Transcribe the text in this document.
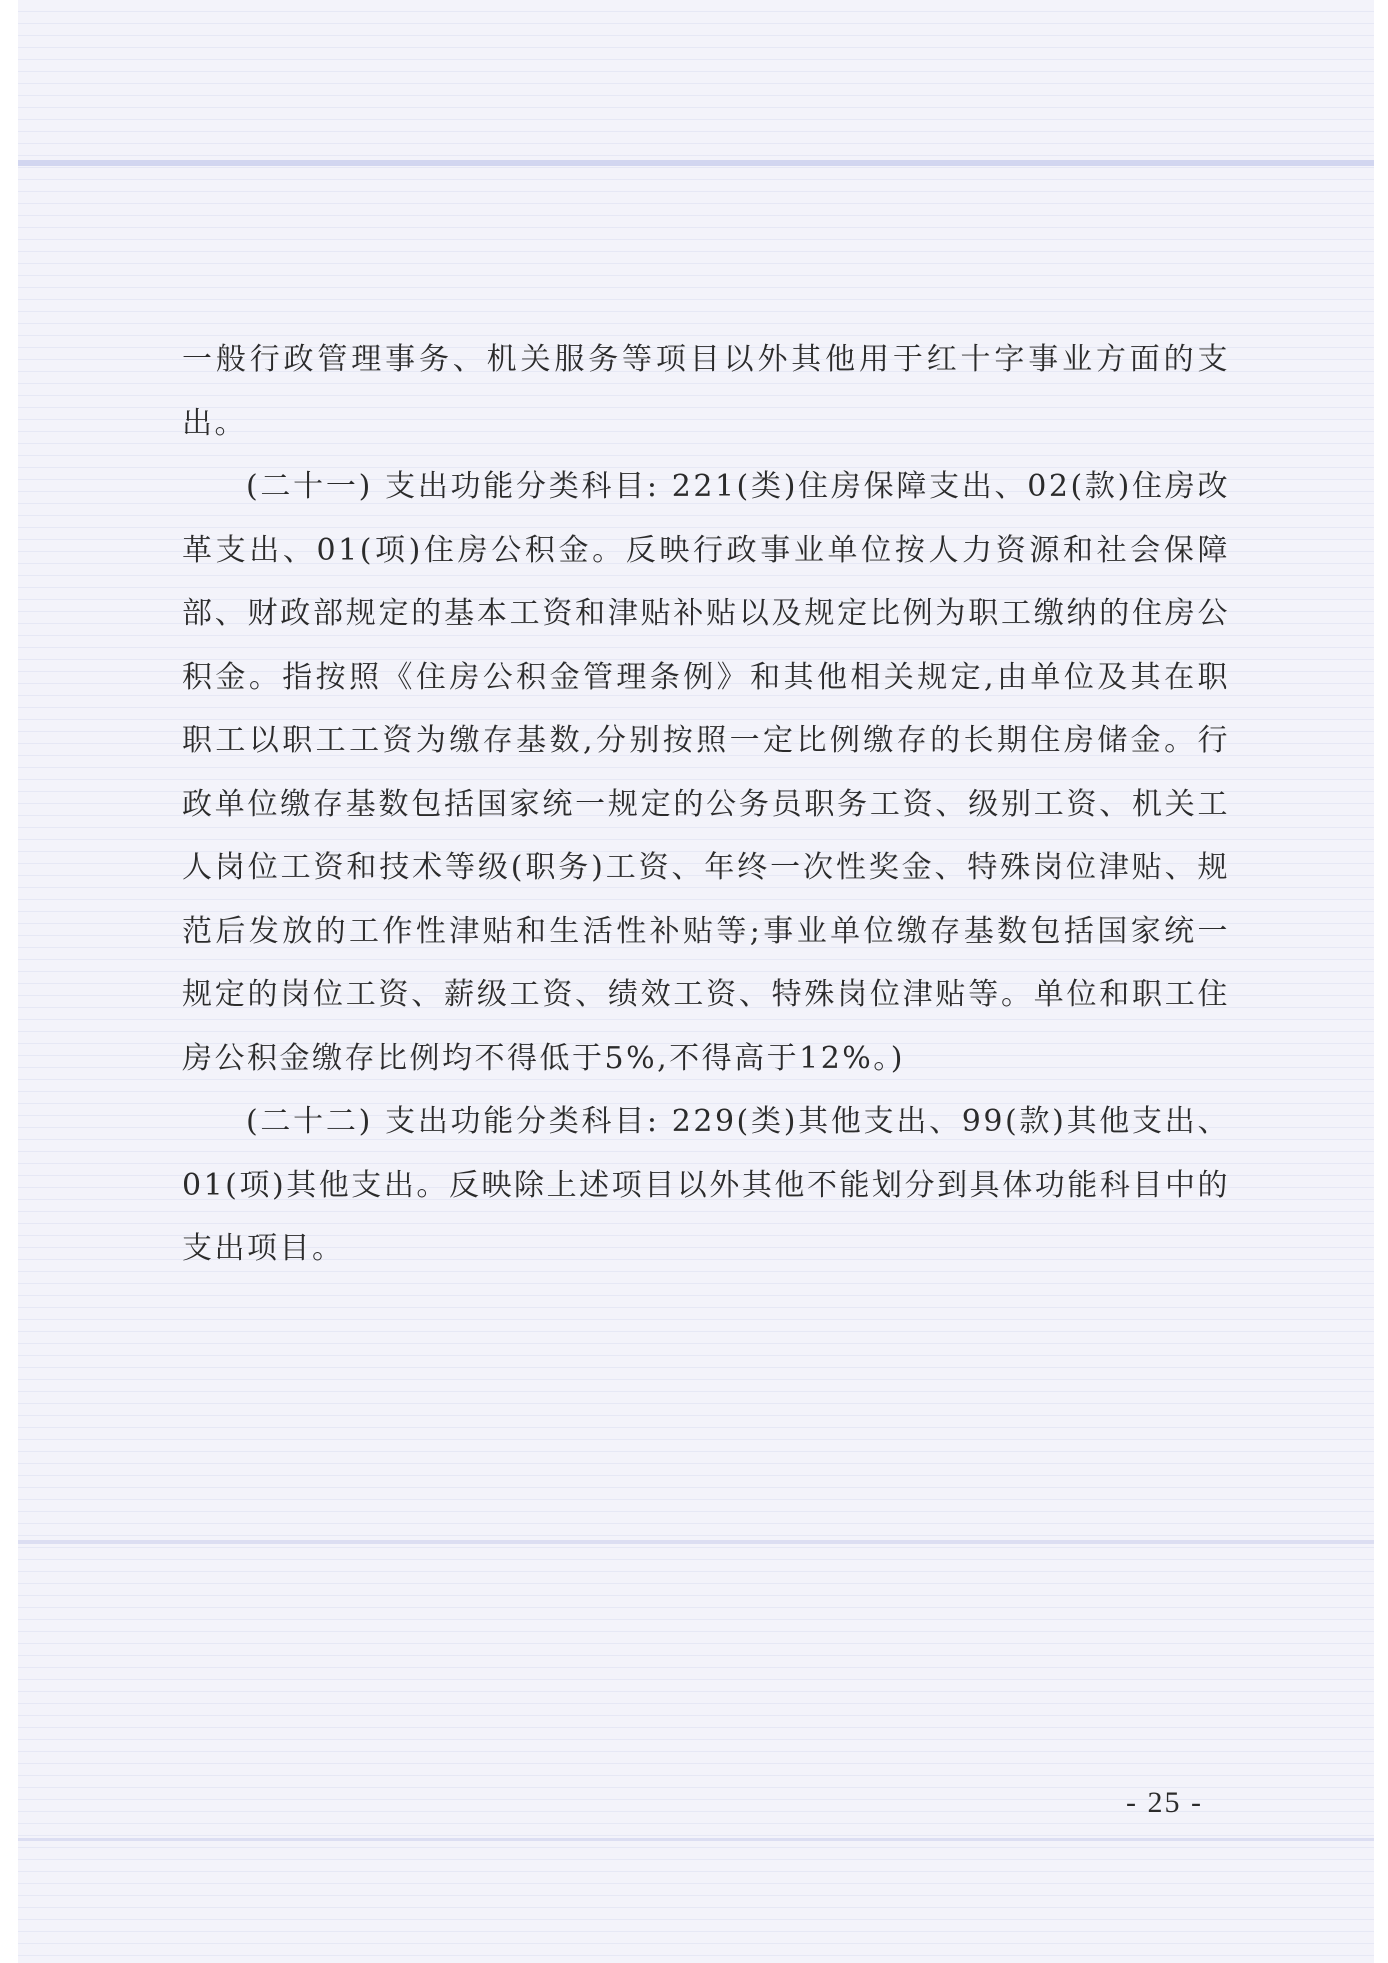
一般行政管理事务、机关服务等项目以外其他用于红十字事业方面的支出。

(二十一) 支出功能分类科目: 221(类)住房保障支出、02(款)住房改革支出、01(项)住房公积金。反映行政事业单位按人力资源和社会保障部、财政部规定的基本工资和津贴补贴以及规定比例为职工缴纳的住房公积金。指按照《住房公积金管理条例》和其他相关规定,由单位及其在职职工以职工工资为缴存基数,分别按照一定比例缴存的长期住房储金。行政单位缴存基数包括国家统一规定的公务员职务工资、级别工资、机关工人岗位工资和技术等级(职务)工资、年终一次性奖金、特殊岗位津贴、规范后发放的工作性津贴和生活性补贴等;事业单位缴存基数包括国家统一规定的岗位工资、薪级工资、绩效工资、特殊岗位津贴等。单位和职工住房公积金缴存比例均不得低于5%,不得高于12%。)

(二十二) 支出功能分类科目: 229(类)其他支出、99(款)其他支出、01(项)其他支出。反映除上述项目以外其他不能划分到具体功能科目中的支出项目。

- 25 -
